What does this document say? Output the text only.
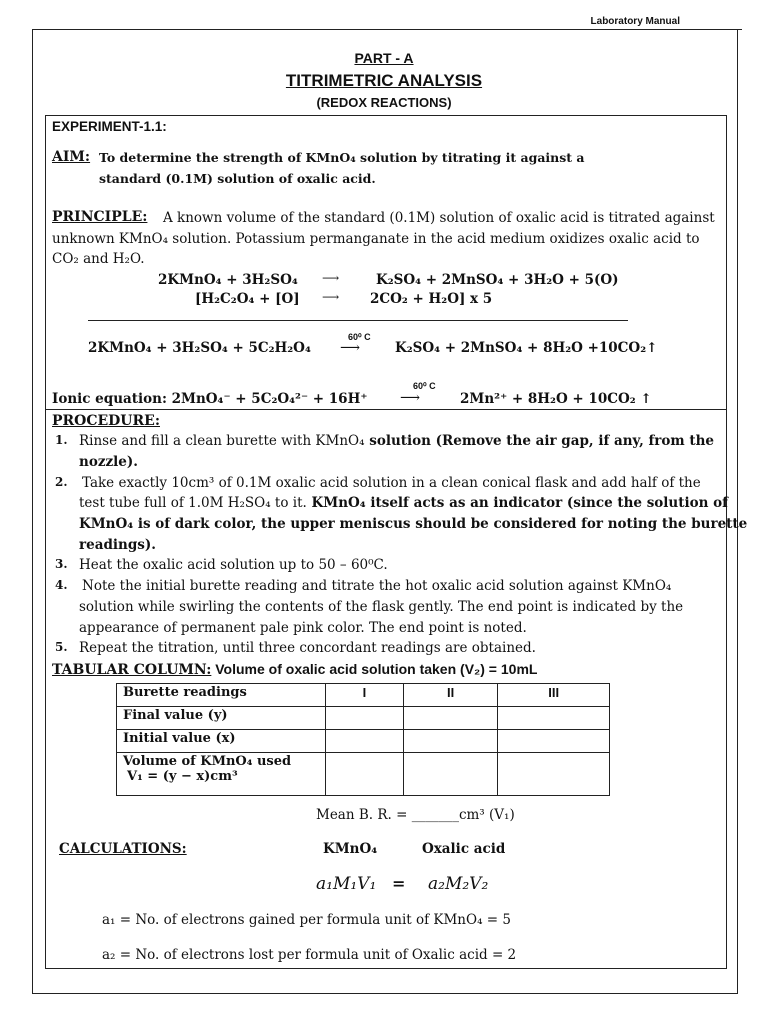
Laboratory Manual
PART - A
TITRIMETRIC ANALYSIS
(REDOX REACTIONS)
EXPERIMENT-1.1:
AIM: To determine the strength of KMnO₄ solution by titrating it against a
standard (0.1M) solution of oxalic acid.
PRINCIPLE: A known volume of the standard (0.1M) solution of oxalic acid is titrated against
unknown KMnO₄ solution. Potassium permanganate in the acid medium oxidizes oxalic acid to
CO₂ and H₂O.
2KMnO₄ + 3H₂SO₄ ⟶	K₂SO₄ + 2MnSO₄ + 3H₂O + 5(O)
[H₂C₂O₄ + [O] ⟶ 2CO₂ + H₂O] x 5
2KMnO₄ + 3H₂SO₄ + 5C₂H₂O₄
60⁰ C
⟶	K₂SO₄ + 2MnSO₄ + 8H₂O +10CO₂↑
Ionic equation: 2MnO₄⁻ + 5C₂O₄²⁻ + 16H⁺
60⁰ C
⟶	2Mn²⁺ + 8H₂O + 10CO₂ ↑
PROCEDURE:
1. Rinse and fill a clean burette with KMnO₄ solution (Remove the air gap, if any, from the
nozzle).
2. Take exactly 10cm³ of 0.1M oxalic acid solution in a clean conical flask and add half of the
test tube full of 1.0M H₂SO₄ to it. KMnO₄ itself acts as an indicator (since the solution of
KMnO₄ is of dark color, the upper meniscus should be considered for noting the burette
readings).
3. Heat the oxalic acid solution up to 50 – 60⁰C.
4. Note the initial burette reading and titrate the hot oxalic acid solution against KMnO₄
solution while swirling the contents of the flask gently. The end point is indicated by the
appearance of permanent pale pink color. The end point is noted.
5. Repeat the titration, until three concordant readings are obtained.
TABULAR COLUMN: Volume of oxalic acid solution taken (V₂) = 10mL
Burette readings	I	II	III
Final value (y)			
Initial value (x)			

Volume of KMnO₄ used
V₁ = (y − x)cm³			

Mean B. R. = _______cm³ (V₁)
CALCULATIONS:	KMnO₄	Oxalic acid
a₁M₁V₁ = a₂M₂V₂
a₁ = No. of electrons gained per formula unit of KMnO₄ = 5
a₂ = No. of electrons lost per formula unit of Oxalic acid = 2
